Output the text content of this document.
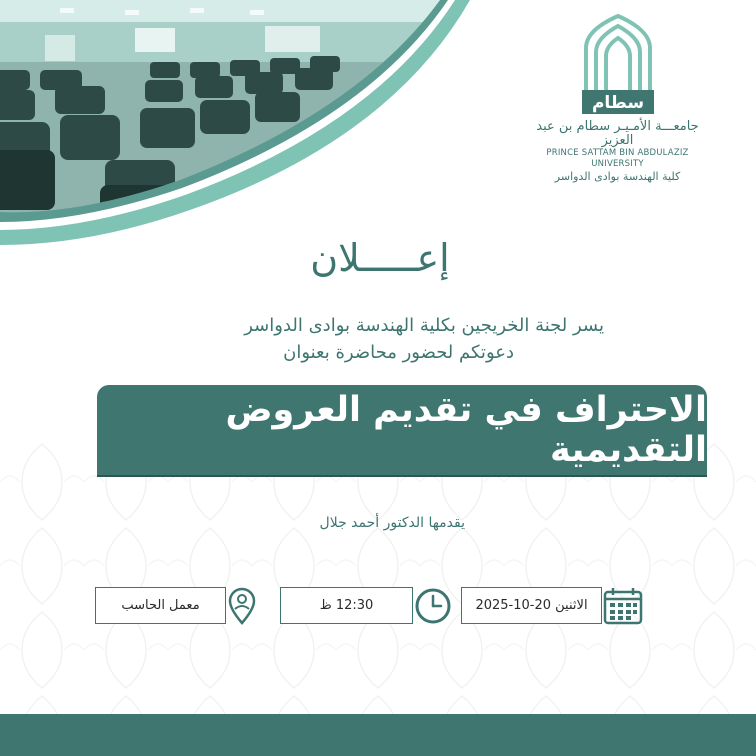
سطام
جامعـــة الأمـيـر سطام بن عبد العزيز
PRINCE SATTAM BIN ABDULAZIZ UNIVERSITY
كلية الهندسة بوادى الدواسر
إعـــــلان
يسر لجنة الخريجين بكلية الهندسة بوادى الدواسر
دعوتكم لحضور محاضرة بعنوان
الاحتراف في تقديم العروض التقديمية
يقدمها الدكتور أحمد جلال
الاثنين 20-10-2025
12:30 ظ
معمل الحاسب
